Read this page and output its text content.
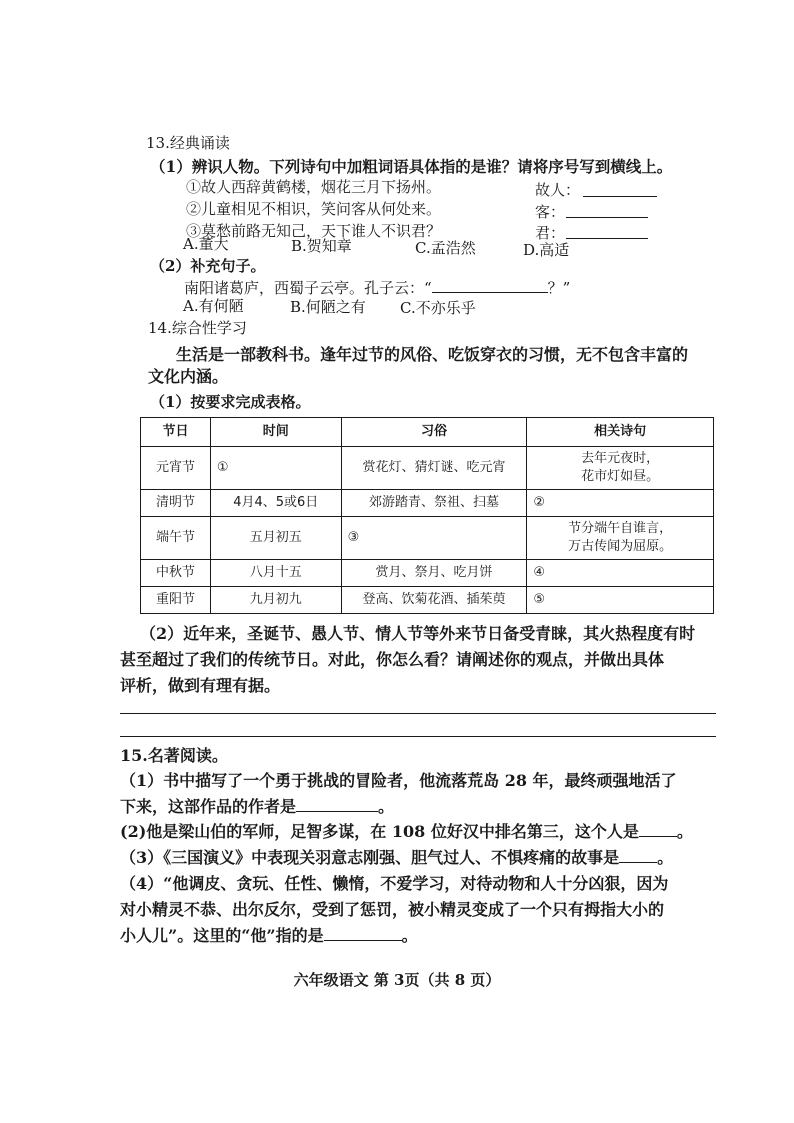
13.经典诵读
（1）辨识人物。下列诗句中加粗词语具体指的是谁？请将序号写到横线上。
①故人西辞黄鹤楼，烟花三月下扬州。
②儿童相见不相识，笑问客从何处来。
③莫愁前路无知己，天下谁人不识君？
故人：
客：
君：
A.董大	B.贺知章	C.孟浩然	D.高适
（2）补充句子。
南阳诸葛庐，西蜀子云亭。孔子云：“	？”
A.有何陋	B.何陋之有 C.不亦乐乎
14.综合性学习
生活是一部教科书。逢年过节的风俗、吃饭穿衣的习惯，无不包含丰富的
文化内涵。
（1）按要求完成表格。
节日	时间	习俗	相关诗句
元宵节	①	赏花灯、猜灯谜、吃元宵	去年元夜时，
花市灯如昼。

清明节	4月4、5或6日	郊游踏青、祭祖、扫墓	②
端午节	五月初五	③	节分端午自谁言，
万古传闻为屈原。

中秋节	八月十五	赏月、祭月、吃月饼	④
重阳节	九月初九	登高、饮菊花酒、插茱萸	⑤
（2）近年来，圣诞节、愚人节、情人节等外来节日备受青睐，其火热程度有时
甚至超过了我们的传统节日。对此，你怎么看？请阐述你的观点，并做出具体
评析，做到有理有据。
15.名著阅读。
（1）书中描写了一个勇于挑战的冒险者，他流落荒岛 28 年，最终顽强地活了
下来，这部作品的作者是	。
(2)他是梁山伯的军师，足智多谋，在 108 位好汉中排名第三，这个人是 。
（3）《三国演义》中表现关羽意志刚强、胆气过人、不惧疼痛的故事是 。
（4）“他调皮、贪玩、任性、懒惰，不爱学习，对待动物和人十分凶狠，因为
对小精灵不恭、出尔反尔，受到了惩罚，被小精灵变成了一个只有拇指大小的
小人儿”。这里的“他”指的是	。
六年级语文 第 3页（共 8 页）
